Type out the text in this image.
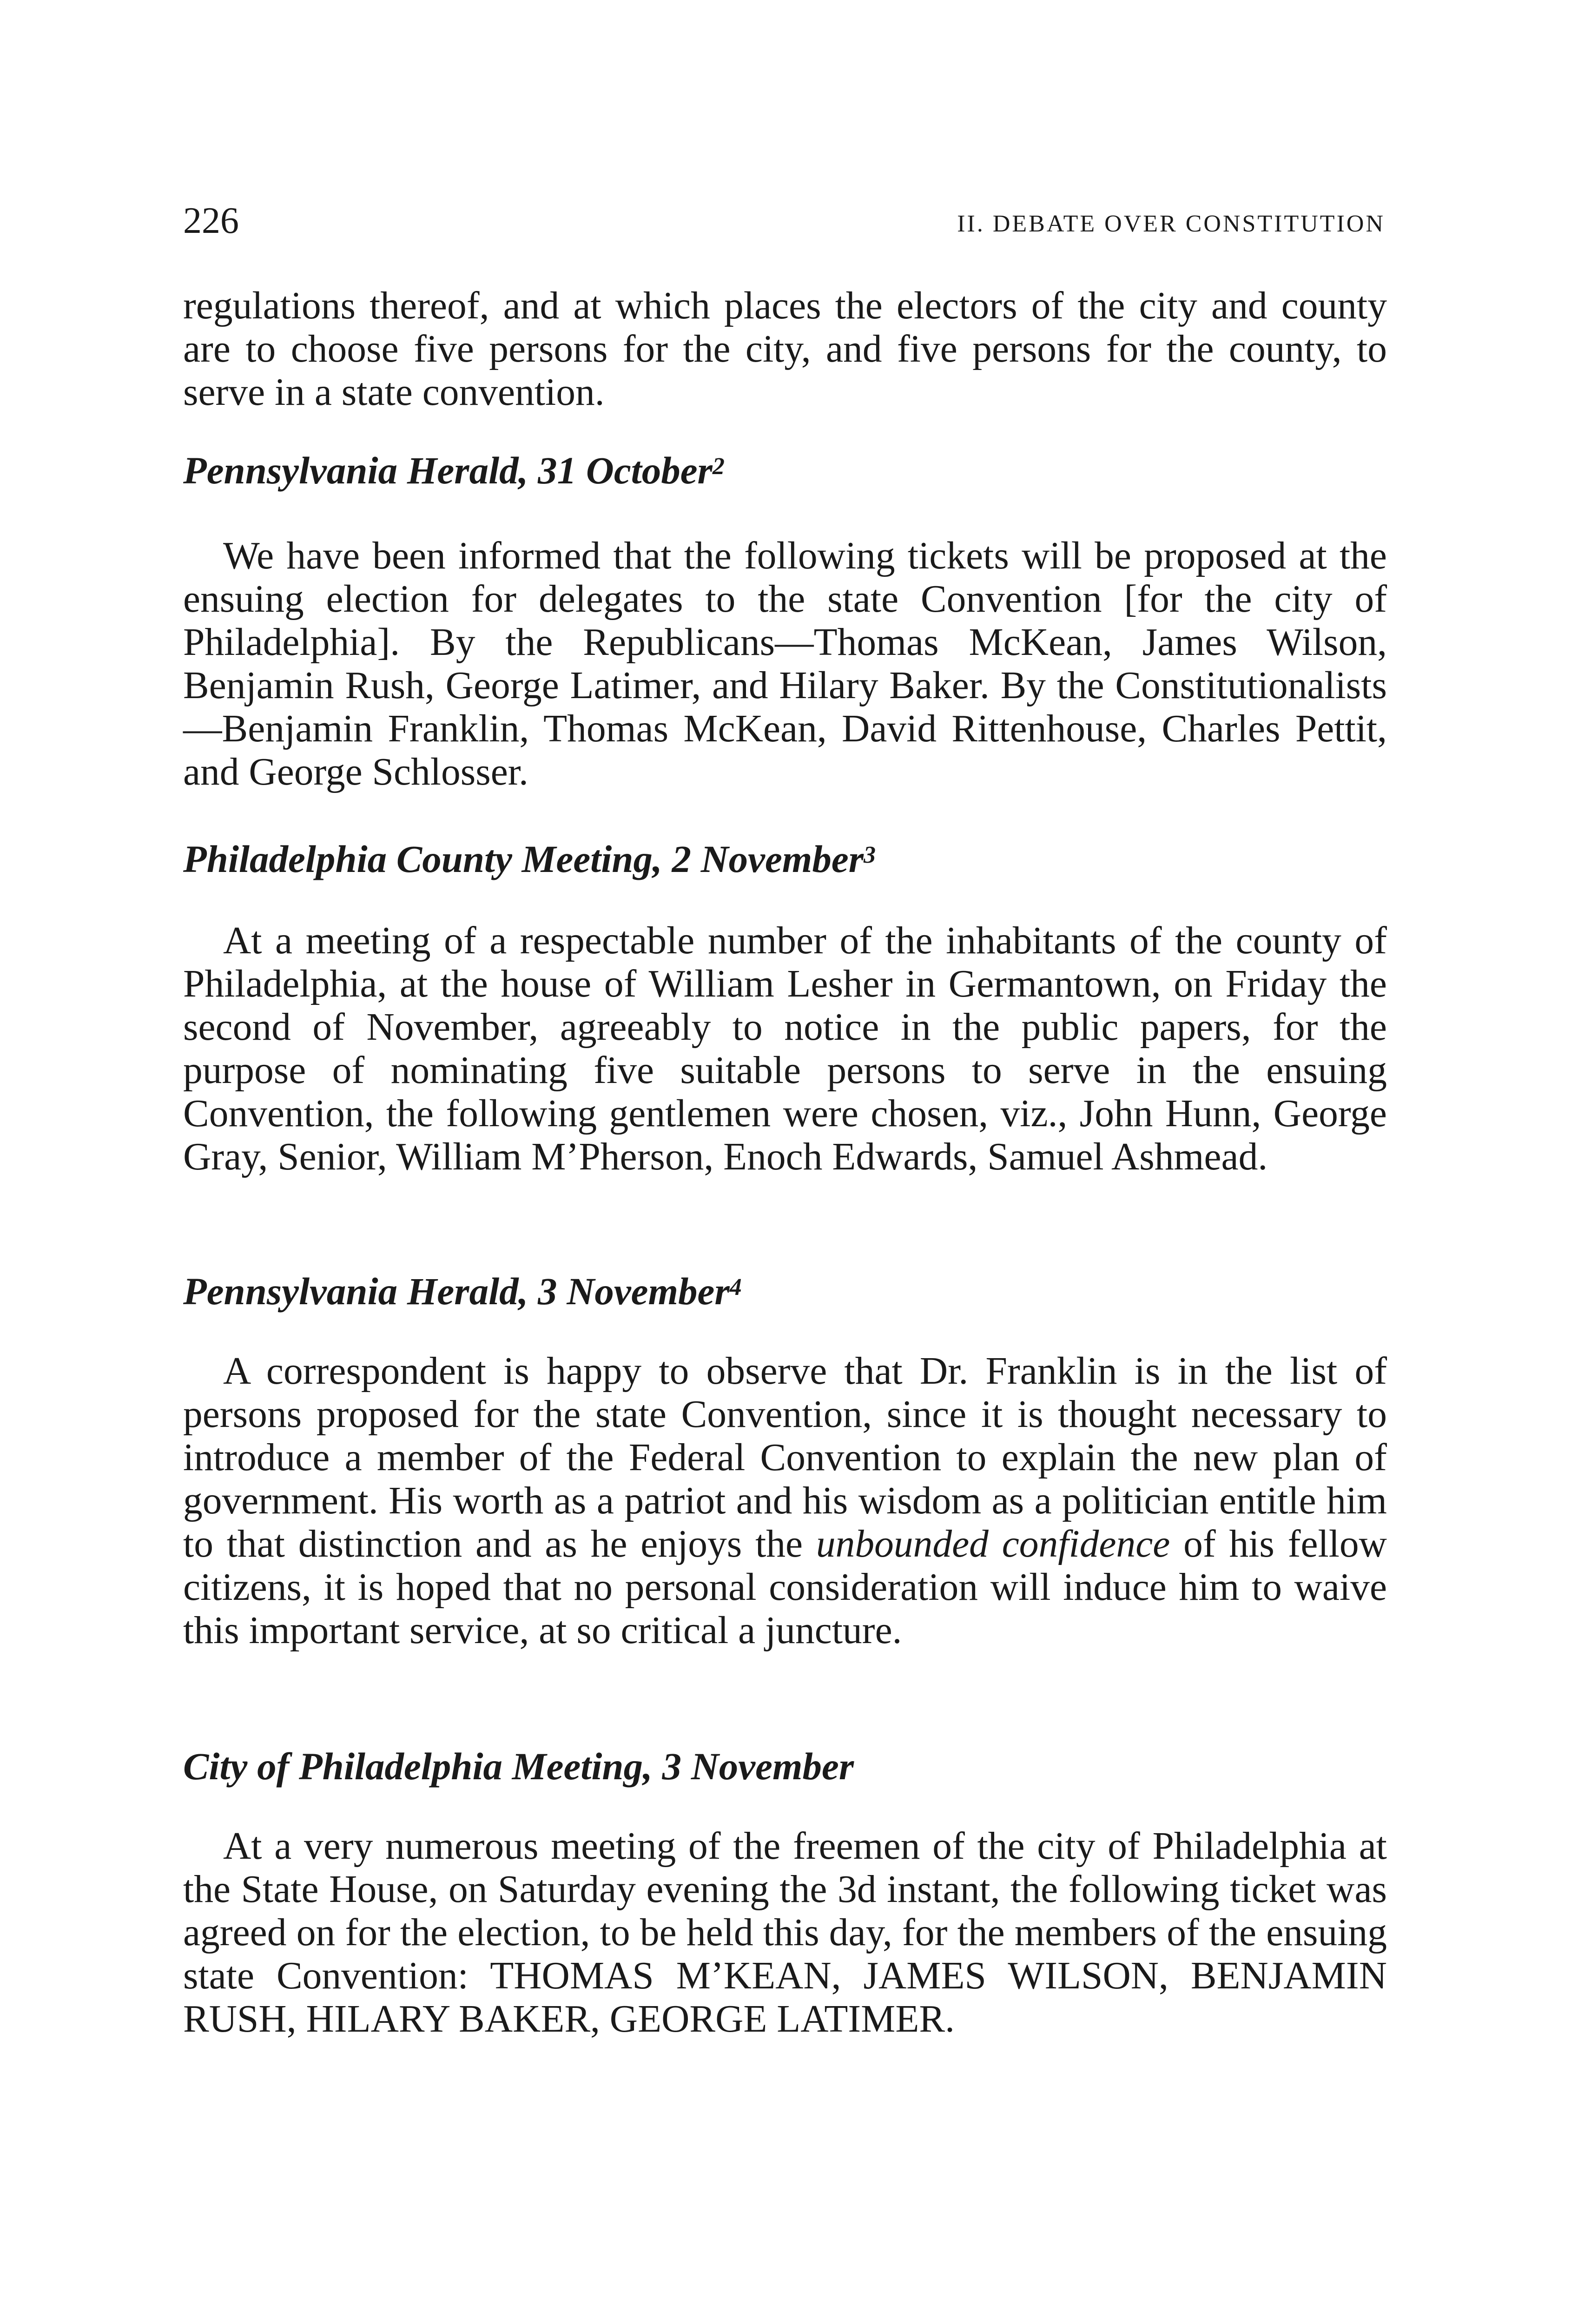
226	II. DEBATE OVER CONSTITUTION

regulations thereof, and at which places the electors of the city and county are to choose five persons for the city, and five persons for the county, to serve in a state convention.

Pennsylvania Herald, 31 October$^2$

We have been informed that the following tickets will be proposed at the ensuing election for delegates to the state Convention [for the city of Philadelphia]. By the Republicans—Thomas McKean, James Wilson, Benjamin Rush, George Latimer, and Hilary Baker. By the Constitutionalists—Benjamin Franklin, Thomas McKean, David Rittenhouse, Charles Pettit, and George Schlosser.

Philadelphia County Meeting, 2 November$^3$

At a meeting of a respectable number of the inhabitants of the county of Philadelphia, at the house of William Lesher in Germantown, on Friday the second of November, agreeably to notice in the public papers, for the purpose of nominating five suitable persons to serve in the ensuing Convention, the following gentlemen were chosen, viz., John Hunn, George Gray, Senior, William M’Pherson, Enoch Edwards, Samuel Ashmead.

Pennsylvania Herald, 3 November$^4$

A correspondent is happy to observe that Dr. Franklin is in the list of persons proposed for the state Convention, since it is thought necessary to introduce a member of the Federal Convention to explain the new plan of government. His worth as a patriot and his wisdom as a politician entitle him to that distinction and as he enjoys the unbounded confidence of his fellow citizens, it is hoped that no personal consideration will induce him to waive this important service, at so critical a juncture.

City of Philadelphia Meeting, 3 November

At a very numerous meeting of the freemen of the city of Philadelphia at the State House, on Saturday evening the 3d instant, the following ticket was agreed on for the election, to be held this day, for the members of the ensuing state Convention: THOMAS M’KEAN, JAMES WILSON, BENJAMIN RUSH, HILARY BAKER, GEORGE LATIMER.
